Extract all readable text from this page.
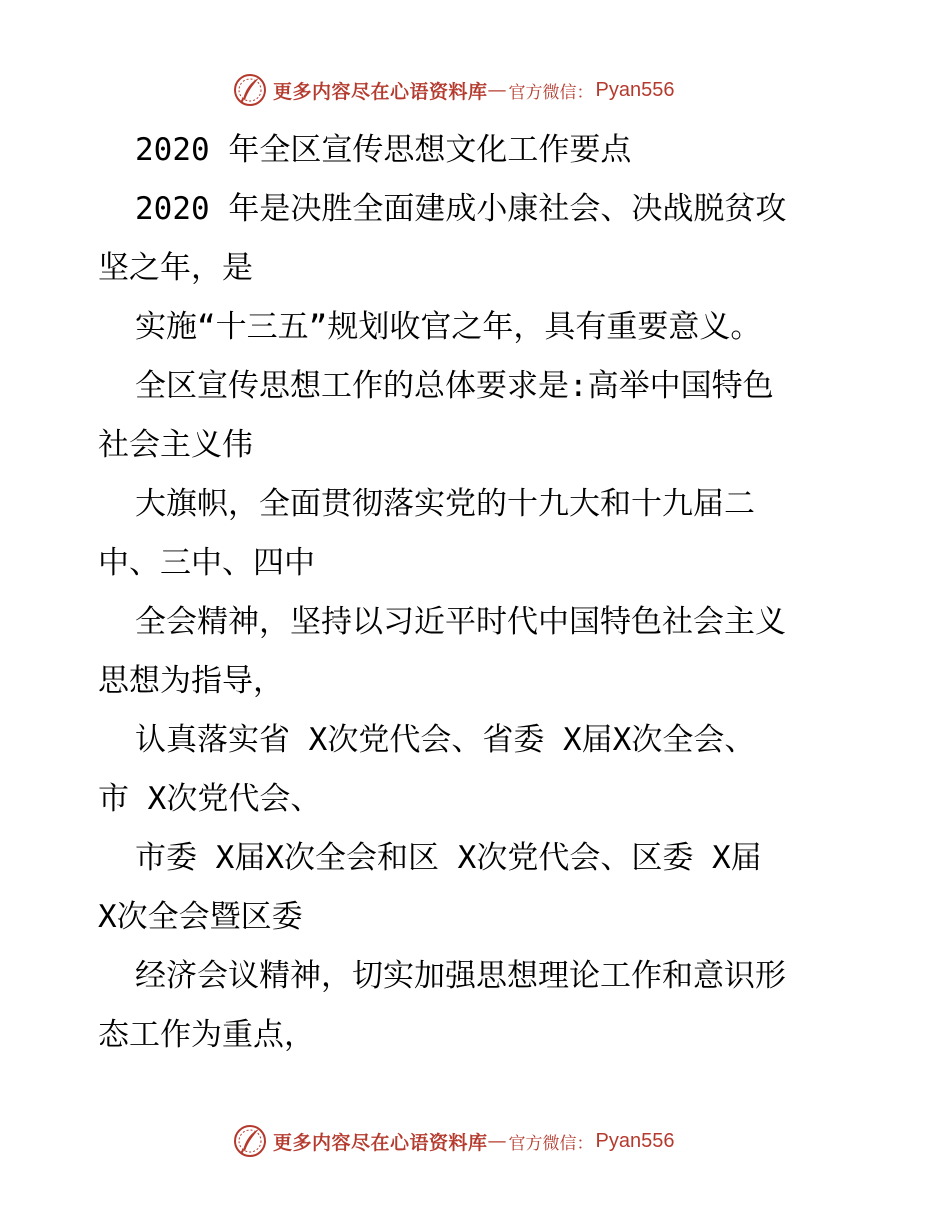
更多内容尽在心语资料库 — 官方微信： Pyan556
2020 年全区宣传思想文化工作要点
2020 年是决胜全面建成小康社会、决战脱贫攻
坚之年，是
实施“十三五”规划收官之年，具有重要意义。
全区宣传思想工作的总体要求是:高举中国特色
社会主义伟
大旗帜，全面贯彻落实党的十九大和十九届二
中、三中、四中
全会精神，坚持以习近平时代中国特色社会主义
思想为指导，
认真落实省 X次党代会、省委 X届X次全会、
市 X次党代会、
市委 X届X次全会和区 X次党代会、区委 X届
X次全会暨区委
经济会议精神，切实加强思想理论工作和意识形
态工作为重点，
更多内容尽在心语资料库 — 官方微信： Pyan556
